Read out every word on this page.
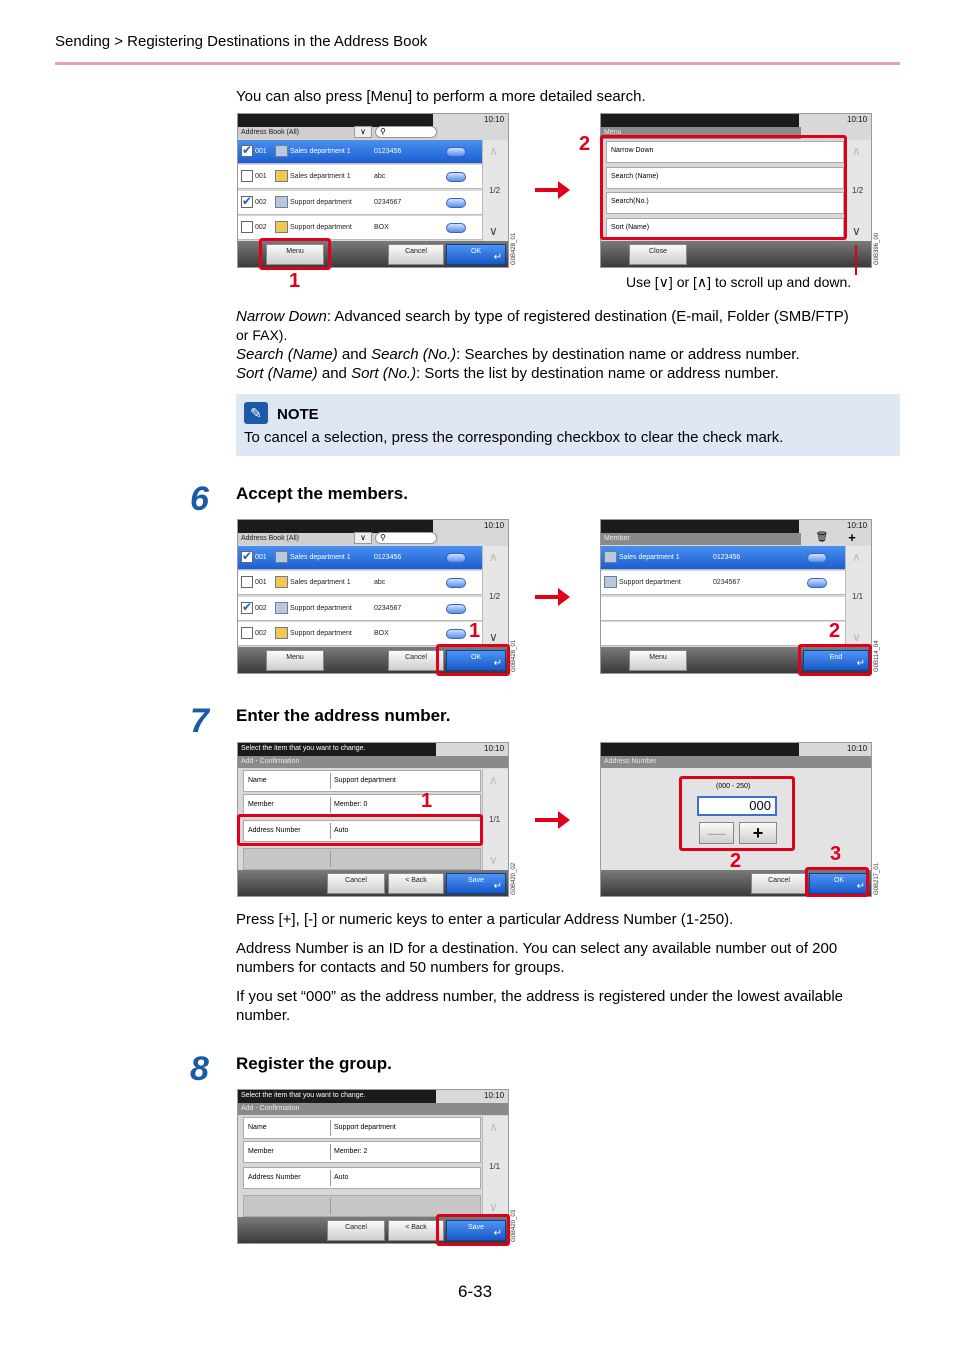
Sending > Registering Destinations in the Address Book
You can also press [Menu] to perform a more detailed search.
10:10
Address Book (All)	∨	⚲
✔
001	Sales department 1	0123456
001	Sales department 1	abc
✔
002	Support department	0234567
002	Support department	BOX
∧
1/2
∨
Menu	Cancel	OK
↵ G0B428_01
1
10:10
Menu
Narrow Down
Search (Name)
Search(No.)
Sort (Name)
∧
1/2
∨
Close	G0B396_00
2
Use [∨] or [∧] to scroll up and down.
Narrow Down: Advanced search by type of registered destination (E-mail, Folder (SMB/FTP)
or FAX).
Search (Name) and Search (No.): Searches by destination name or address number.
Sort (Name) and Sort (No.): Sorts the list by destination name or address number.
✎	NOTE
To cancel a selection, press the corresponding checkbox to clear the check mark.
6 Accept the members.
10:10
Address Book (All)	∨	⚲
✔
001	Sales department 1	0123456
001	Sales department 1	abc
✔
002	Support department	0234567
002	Support department	BOX
∧
1/2
∨
Menu	Cancel	OK
↵ G0B428_01
1
10:10
Member	🗑	+
Sales department 1	0123456
Support department	0234567
∧
1/1
∨
Menu	End
↵ G0B114_04
2
7 Enter the address number.
Select the item that you want to change.	10:10
Add - Confirmation
Name	Support department
Member	Member: 0
Address Number	Auto
∧
1/1
∨
Cancel	< Back	Save
↵ G0B420_02
1
10:10
Address Number
(000 - 250)
000
—	+
Cancel	OK
↵ G0B217_01
2	3
Press [+], [-] or numeric keys to enter a particular Address Number (1-250).
Address Number is an ID for a destination. You can select any available number out of 200
numbers for contacts and 50 numbers for groups.
If you set “000” as the address number, the address is registered under the lowest available
number.
8 Register the group.
Select the item that you want to change.	10:10
Add - Confirmation
Name	Support department
Member	Member: 2
Address Number	Auto
∧
1/1
∨
Cancel	< Back	Save
↵ G0B420_03
6-33
